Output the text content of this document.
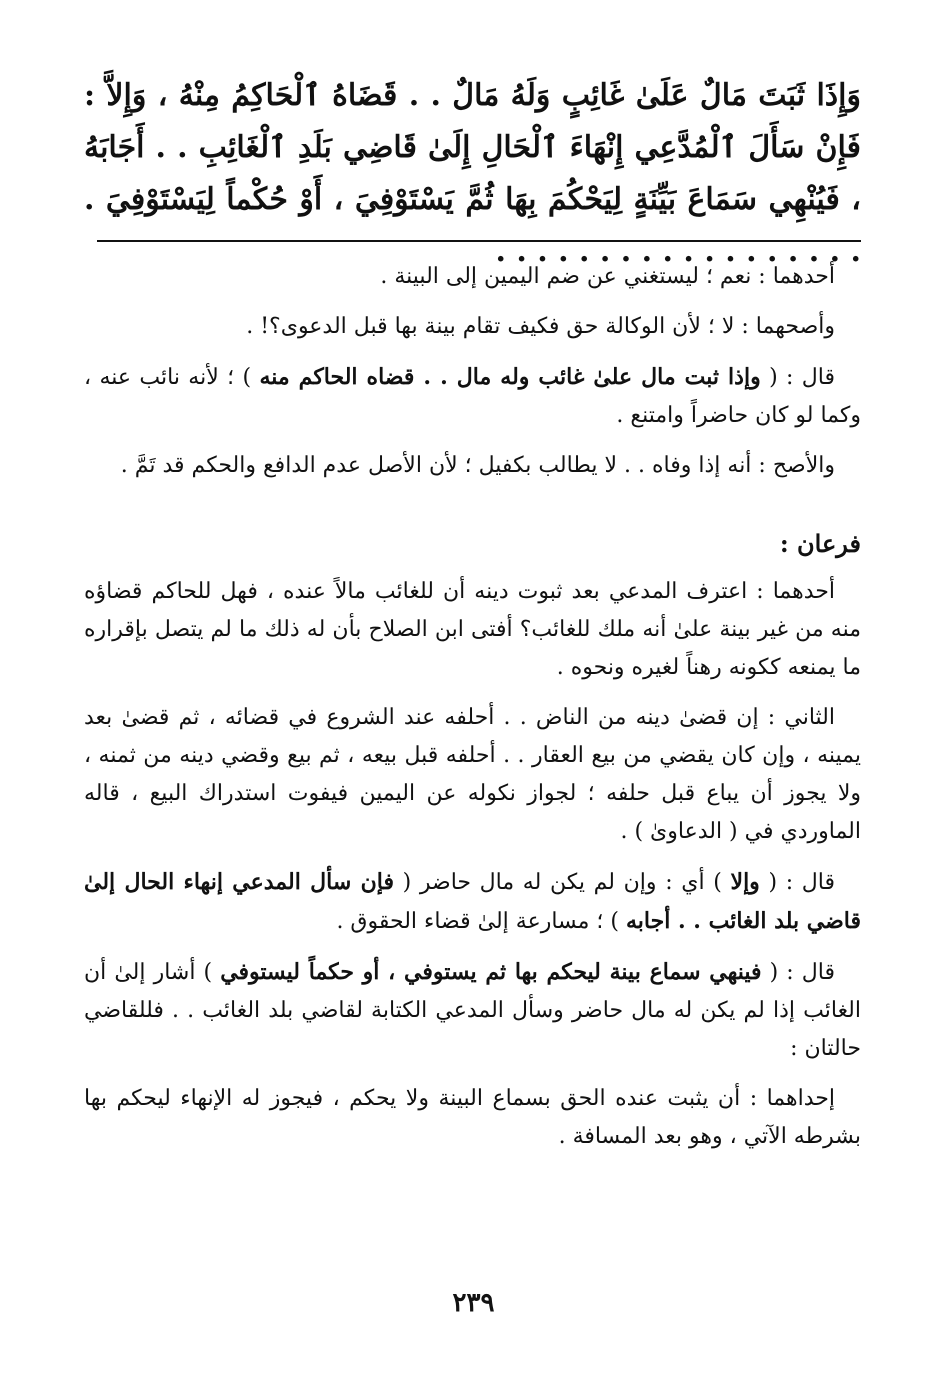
وَإِذَا ثَبَتَ مَالٌ عَلَىٰ غَائِبٍ وَلَهُ مَالٌ . . قَضَاهُ ٱلْحَاكِمُ مِنْهُ ، وَإِلاَّ : فَإِنْ سَأَلَ ٱلْمُدَّعِي إِنْهَاءَ ٱلْحَالِ إِلَىٰ قَاضِي بَلَدِ ٱلْغَائِبِ . . أَجَابَهُ ، فَيُنْهِي سَمَاعَ بَيِّنَةٍ لِيَحْكُمَ بِهَا ثُمَّ يَسْتَوْفِيَ ، أَوْ حُكْماً لِيَسْتَوْفِيَ . . . . . . . . . . . . . . . . . . .

أحدهما : نعم ؛ ليستغني عن ضم اليمين إلى البينة .

وأصحهما : لا ؛ لأن الوكالة حق فكيف تقام بينة بها قبل الدعوى؟! .

قال : ( وإذا ثبت مال علىٰ غائب وله مال . . قضاه الحاكم منه ) ؛ لأنه نائب عنه ، وكما لو كان حاضراً وامتنع .

والأصح : أنه إذا وفاه . . لا يطالب بكفيل ؛ لأن الأصل عدم الدافع والحكم قد تَمَّ .

فرعان :

أحدهما : اعترف المدعي بعد ثبوت دينه أن للغائب مالاً عنده ، فهل للحاكم قضاؤه منه من غير بينة علىٰ أنه ملك للغائب؟ أفتى ابن الصلاح بأن له ذلك ما لم يتصل بإقراره ما يمنعه ككونه رهناً لغيره ونحوه .

الثاني : إن قضىٰ دينه من الناض . . أحلفه عند الشروع في قضائه ، ثم قضىٰ بعد يمينه ، وإن كان يقضي من بيع العقار . . أحلفه قبل بيعه ، ثم بيع وقضي دينه من ثمنه ، ولا يجوز أن يباع قبل حلفه ؛ لجواز نكوله عن اليمين فيفوت استدراك البيع ، قاله الماوردي في ( الدعاوىٰ ) .

قال : ( وإلا ) أي : وإن لم يكن له مال حاضر ( فإن سأل المدعي إنهاء الحال إلىٰ قاضي بلد الغائب . . أجابه ) ؛ مسارعة إلىٰ قضاء الحقوق .

قال : ( فينهي سماع بينة ليحكم بها ثم يستوفي ، أو حكماً ليستوفي ) أشار إلىٰ أن الغائب إذا لم يكن له مال حاضر وسأل المدعي الكتابة لقاضي بلد الغائب . . فللقاضي حالتان :

إحداهما : أن يثبت عنده الحق بسماع البينة ولا يحكم ، فيجوز له الإنهاء ليحكم بها بشرطه الآتي ، وهو بعد المسافة .

٢٣٩
